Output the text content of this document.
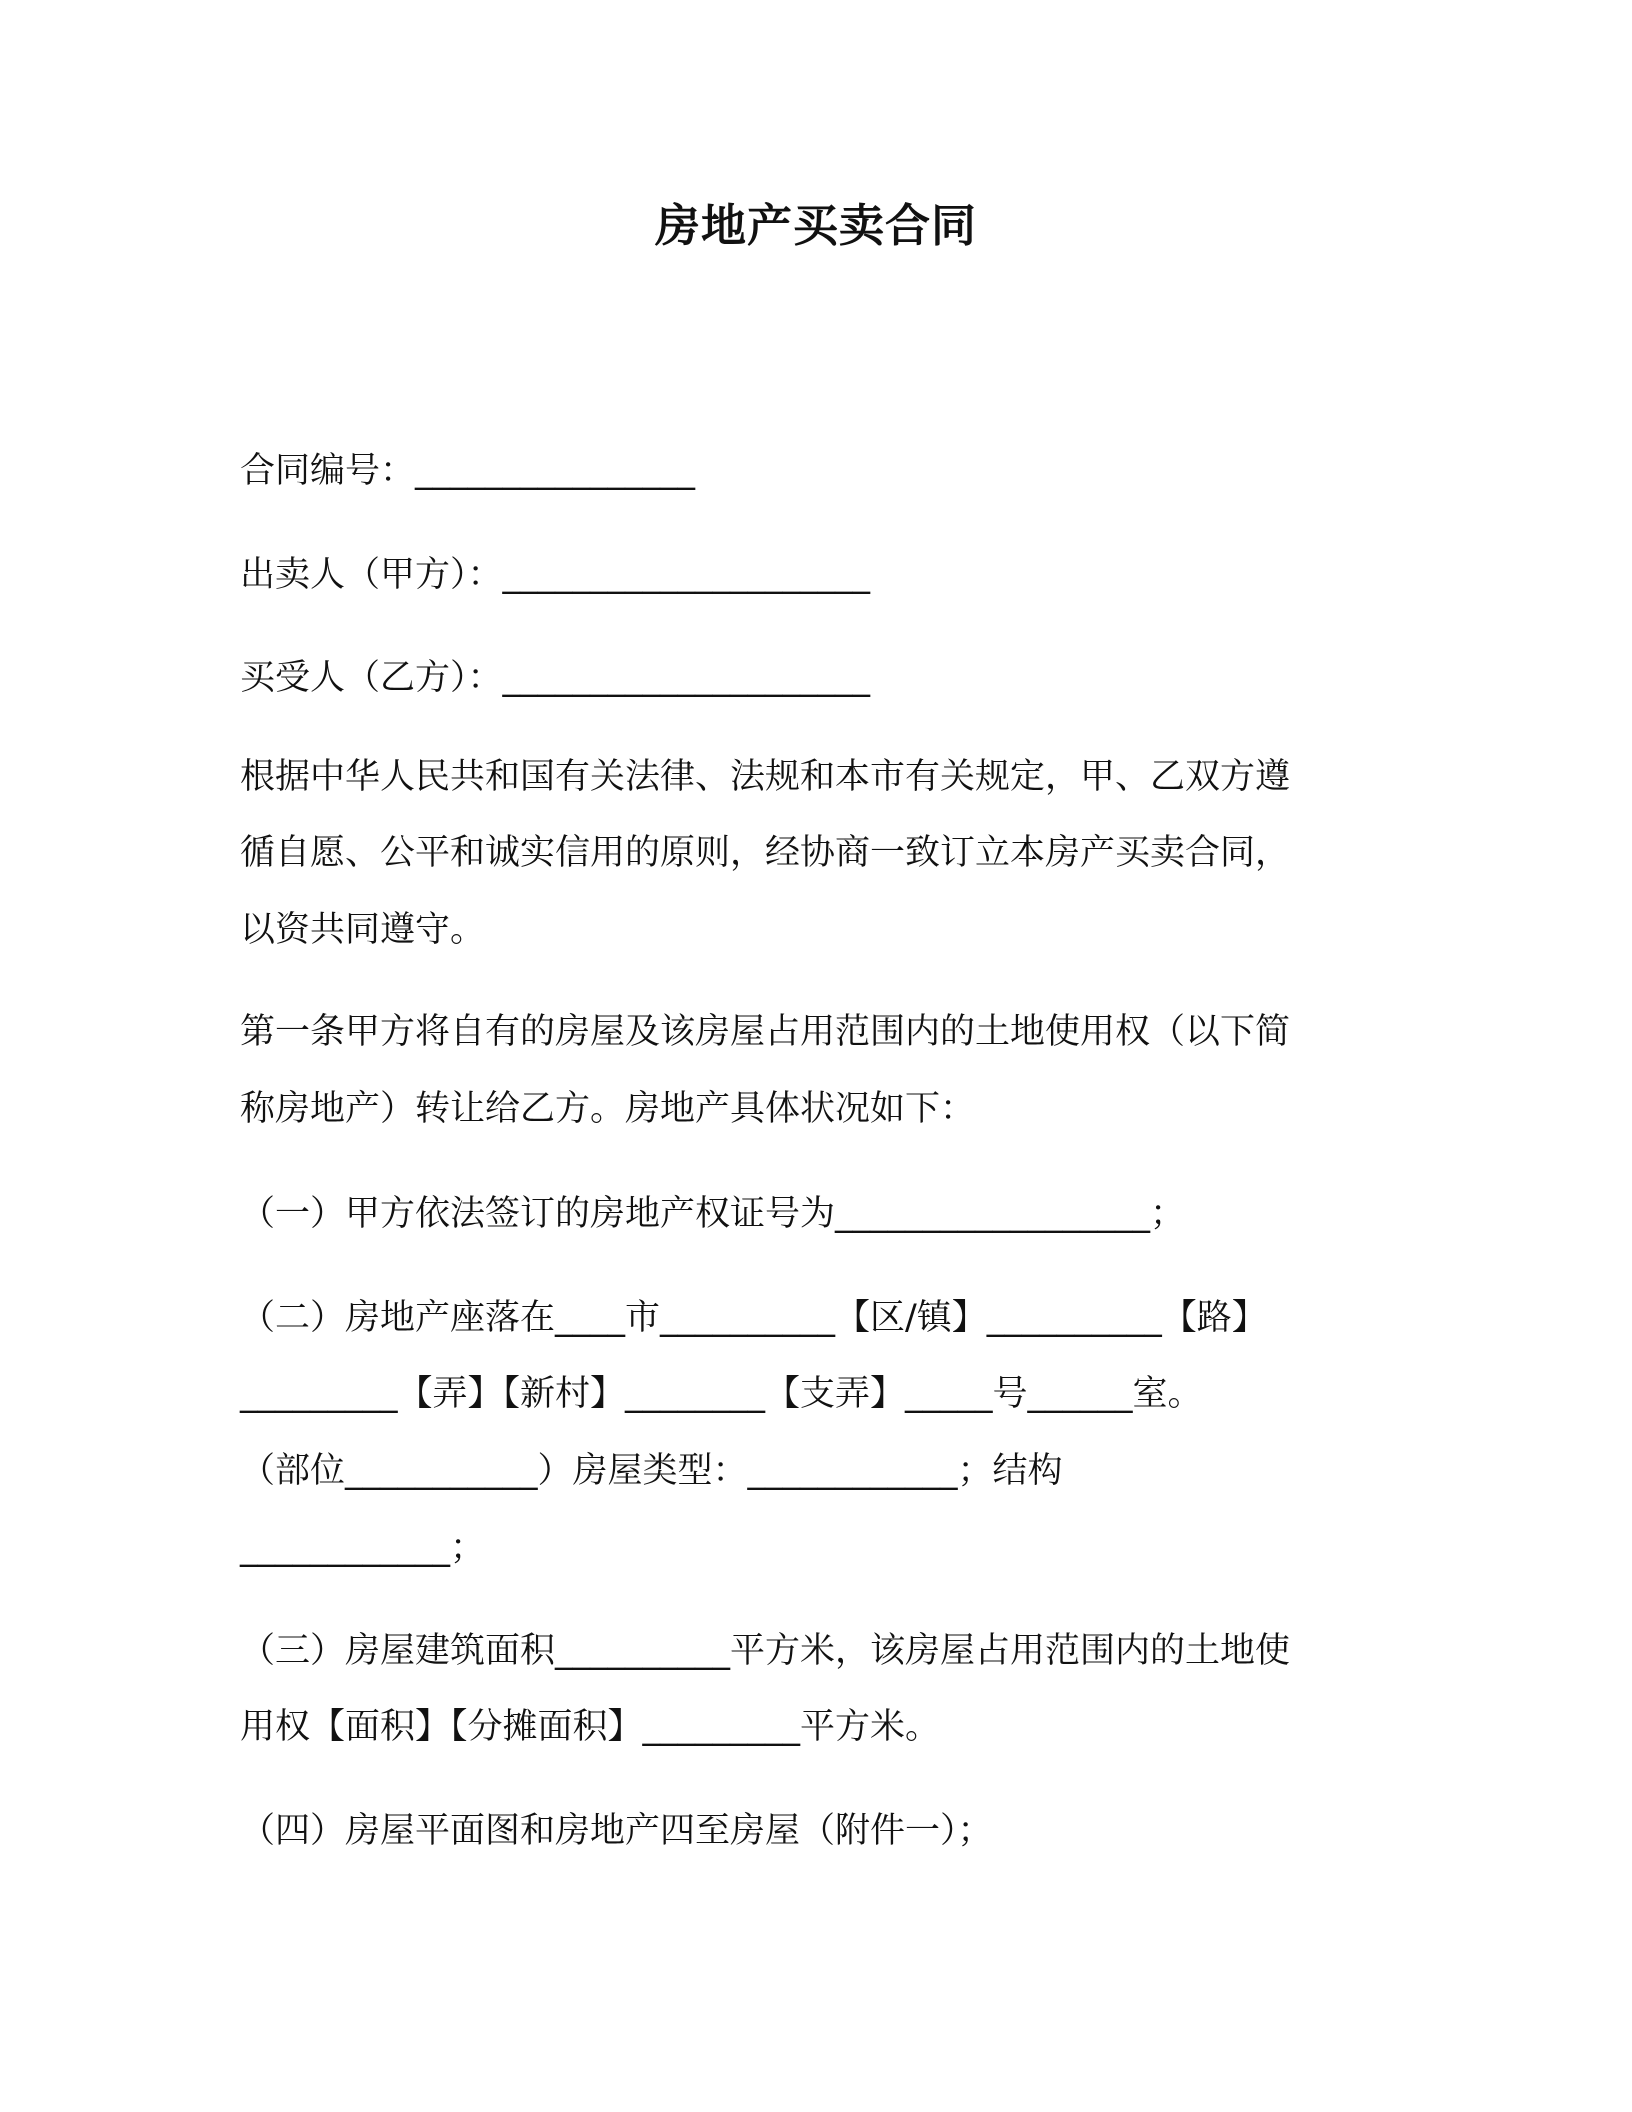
房地产买卖合同
合同编号：________________
出卖人（甲方）：_____________________
买受人（乙方）：_____________________
根据中华人民共和国有关法律、法规和本市有关规定，甲、乙双方遵
循自愿、公平和诚实信用的原则，经协商一致订立本房产买卖合同，
以资共同遵守。
第一条甲方将自有的房屋及该房屋占用范围内的土地使用权（以下简
称房地产）转让给乙方。房地产具体状况如下：
（一）甲方依法签订的房地产权证号为__________________；
（二）房地产座落在____市__________【区/镇】__________【路】
_________【弄】【新村】________【支弄】_____号______室。
（部位___________）房屋类型：____________；结构
____________；
（三）房屋建筑面积__________平方米，该房屋占用范围内的土地使
用权【面积】【分摊面积】_________平方米。
（四）房屋平面图和房地产四至房屋（附件一）；
